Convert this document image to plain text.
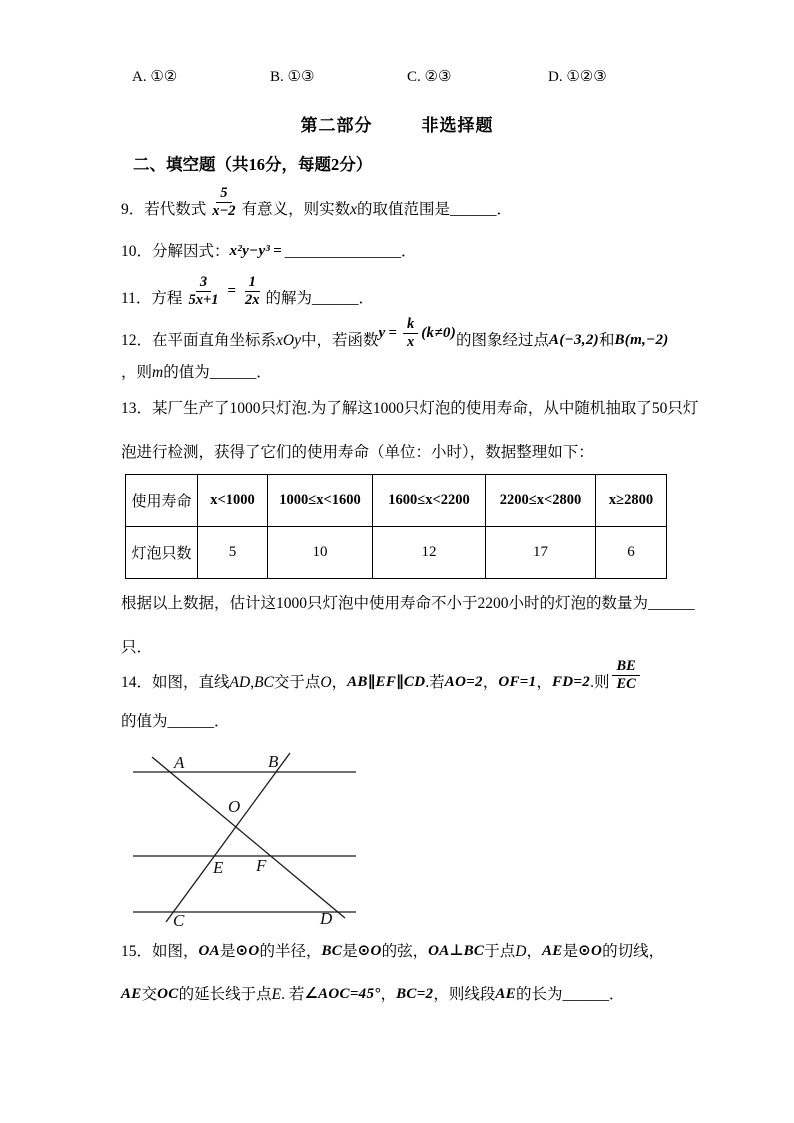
A. ①②	B. ①③	C. ②③	D. ①②③
第二部分	非选择题
二、填空题（共16分，每题2分）
9．若代数式 $\frac{5}{x-2}$ 有意义，则实数 x 的取值范围是 ______ ．
10．分解因式： x²y−y³ = _______________ ．
11．方程 $\frac{3}{5x+1} = \frac{1}{2x}$ 的解为 ______ ．
12．在平面直角坐标系 xOy 中，若函数 $y = \frac{k}{x} (k\ne 0)$ 的图象经过点 A(−3,2) 和 B(m,−2)
，则 m 的值为 ______ ．
13．某厂生产了1000只灯泡.为了解这1000只灯泡的使用寿命，从中随机抽取了50只灯
泡进行检测，获得了它们的使用寿命（单位：小时），数据整理如下：
使用寿命	x<1000	1000≤x<1600	1600≤x<2200	2200≤x<2800	x≥2800
灯泡只数	5	10	12	17	6
根据以上数据，估计这1000只灯泡中使用寿命不小于2200小时的灯泡的数量为 ______
只．
14．如图，直线 AD , BC 交于点 O ， AB∥EF∥CD .若 AO=2 ， OF=1 ， FD=2 .则 $\frac{BE}{EC}$
的值为 ______ ．
A	B
O
E F
C	D
15．如图， OA 是 ⊙O 的半径， BC 是 ⊙O 的弦， OA⊥BC 于点 D ， AE 是 ⊙O 的切线，
AE 交 OC 的延长线于点 E . 若 ∠AOC=45° ， BC=2 ，则线段 AE 的长为 ______ ．
